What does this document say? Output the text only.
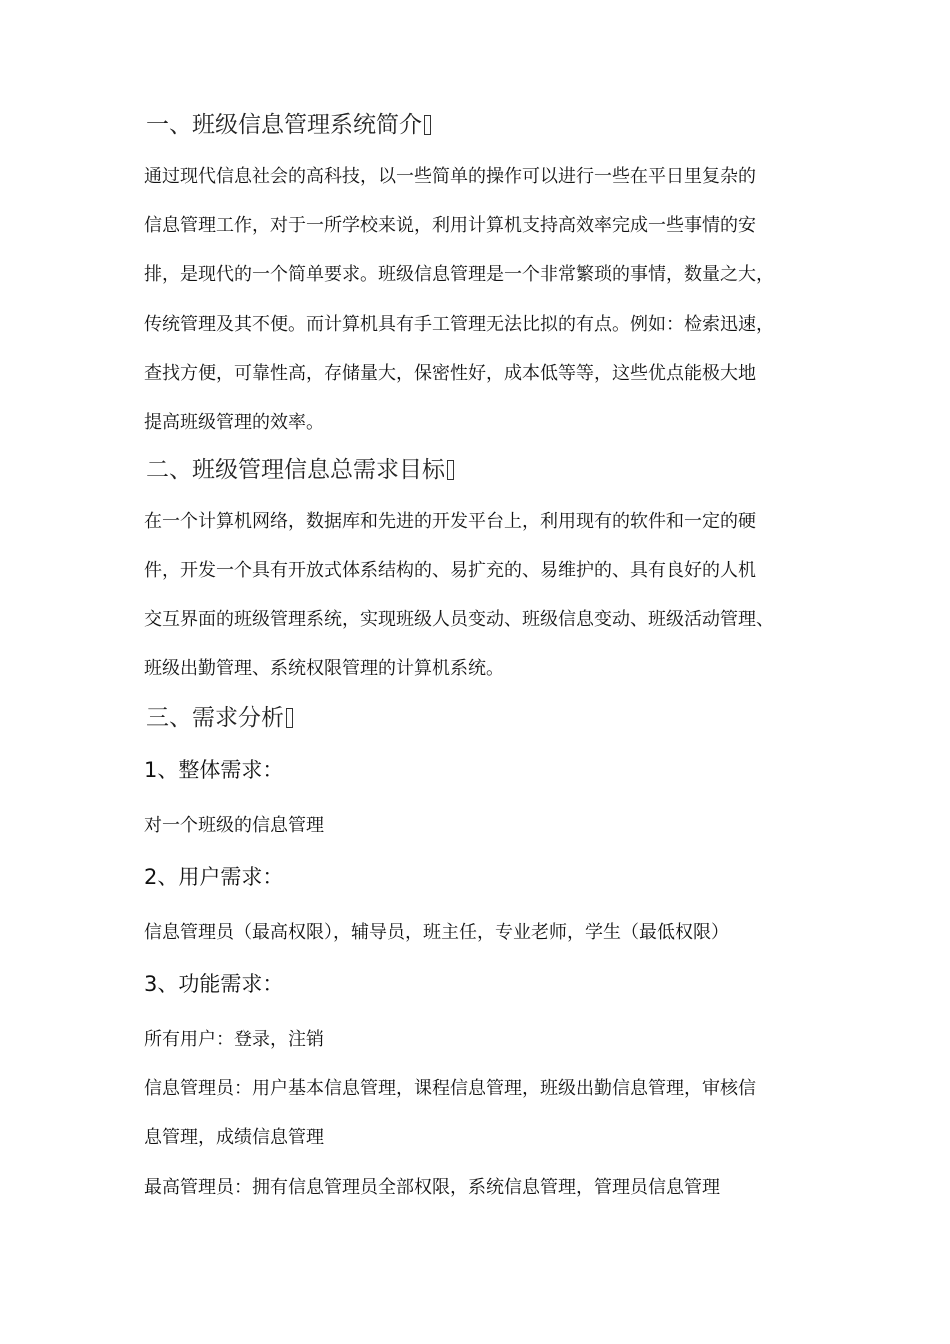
一、班级信息管理系统简介
通过现代信息社会的高科技，以一些简单的操作可以进行一些在平日里复杂的
信息管理工作，对于一所学校来说，利用计算机支持高效率完成一些事情的安
排，是现代的一个简单要求。班级信息管理是一个非常繁琐的事情，数量之大，
传统管理及其不便。而计算机具有手工管理无法比拟的有点。例如：检索迅速，
查找方便，可靠性高，存储量大，保密性好，成本低等等，这些优点能极大地
提高班级管理的效率。
二、班级管理信息总需求目标
在一个计算机网络，数据库和先进的开发平台上，利用现有的软件和一定的硬
件，开发一个具有开放式体系结构的、易扩充的、易维护的、具有良好的人机
交互界面的班级管理系统，实现班级人员变动、班级信息变动、班级活动管理、
班级出勤管理、系统权限管理的计算机系统。
三、需求分析
1、整体需求：
对一个班级的信息管理
2、用户需求：
信息管理员（最高权限），辅导员，班主任，专业老师，学生（最低权限）
3、功能需求：
所有用户：登录，注销
信息管理员：用户基本信息管理，课程信息管理，班级出勤信息管理，审核信
息管理，成绩信息管理
最高管理员：拥有信息管理员全部权限，系统信息管理，管理员信息管理
